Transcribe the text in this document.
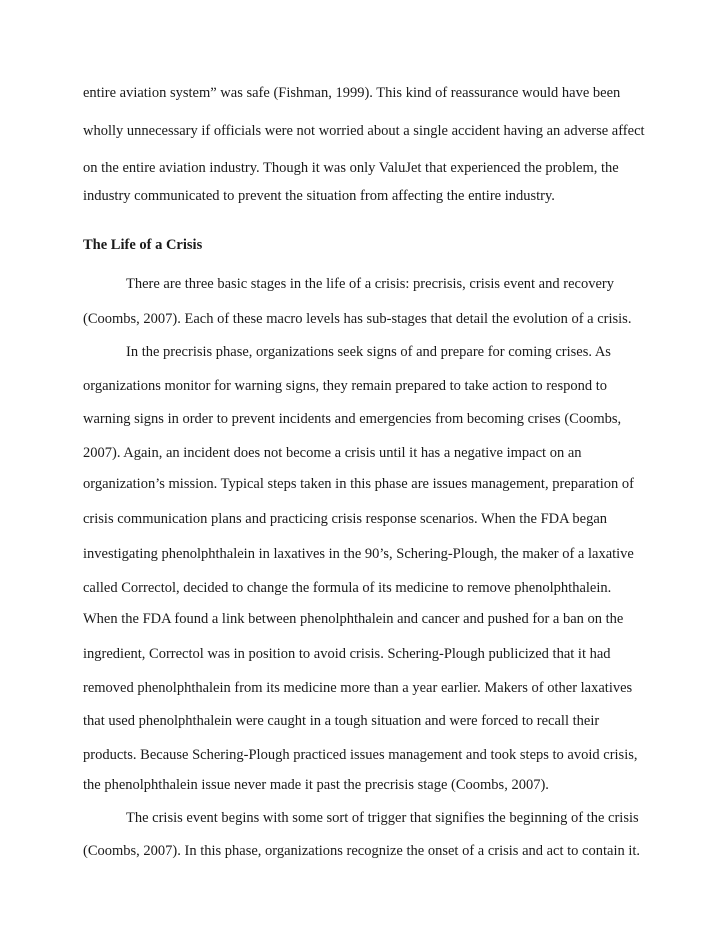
entire aviation system” was safe (Fishman, 1999). This kind of reassurance would have been

wholly unnecessary if officials were not worried about a single accident having an adverse affect

on the entire aviation industry. Though it was only ValuJet that experienced the problem, the

industry communicated to prevent the situation from affecting the entire industry.

The Life of a Crisis

There are three basic stages in the life of a crisis: precrisis, crisis event and recovery

(Coombs, 2007). Each of these macro levels has sub-stages that detail the evolution of a crisis.

In the precrisis phase, organizations seek signs of and prepare for coming crises. As

organizations monitor for warning signs, they remain prepared to take action to respond to

warning signs in order to prevent incidents and emergencies from becoming crises (Coombs,

2007). Again, an incident does not become a crisis until it has a negative impact on an

organization’s mission. Typical steps taken in this phase are issues management, preparation of

crisis communication plans and practicing crisis response scenarios. When the FDA began

investigating phenolphthalein in laxatives in the 90’s, Schering-Plough, the maker of a laxative

called Correctol, decided to change the formula of its medicine to remove phenolphthalein.

When the FDA found a link between phenolphthalein and cancer and pushed for a ban on the

ingredient, Correctol was in position to avoid crisis. Schering-Plough publicized that it had

removed phenolphthalein from its medicine more than a year earlier. Makers of other laxatives

that used phenolphthalein were caught in a tough situation and were forced to recall their

products. Because Schering-Plough practiced issues management and took steps to avoid crisis,

the phenolphthalein issue never made it past the precrisis stage (Coombs, 2007).

The crisis event begins with some sort of trigger that signifies the beginning of the crisis

(Coombs, 2007). In this phase, organizations recognize the onset of a crisis and act to contain it.
